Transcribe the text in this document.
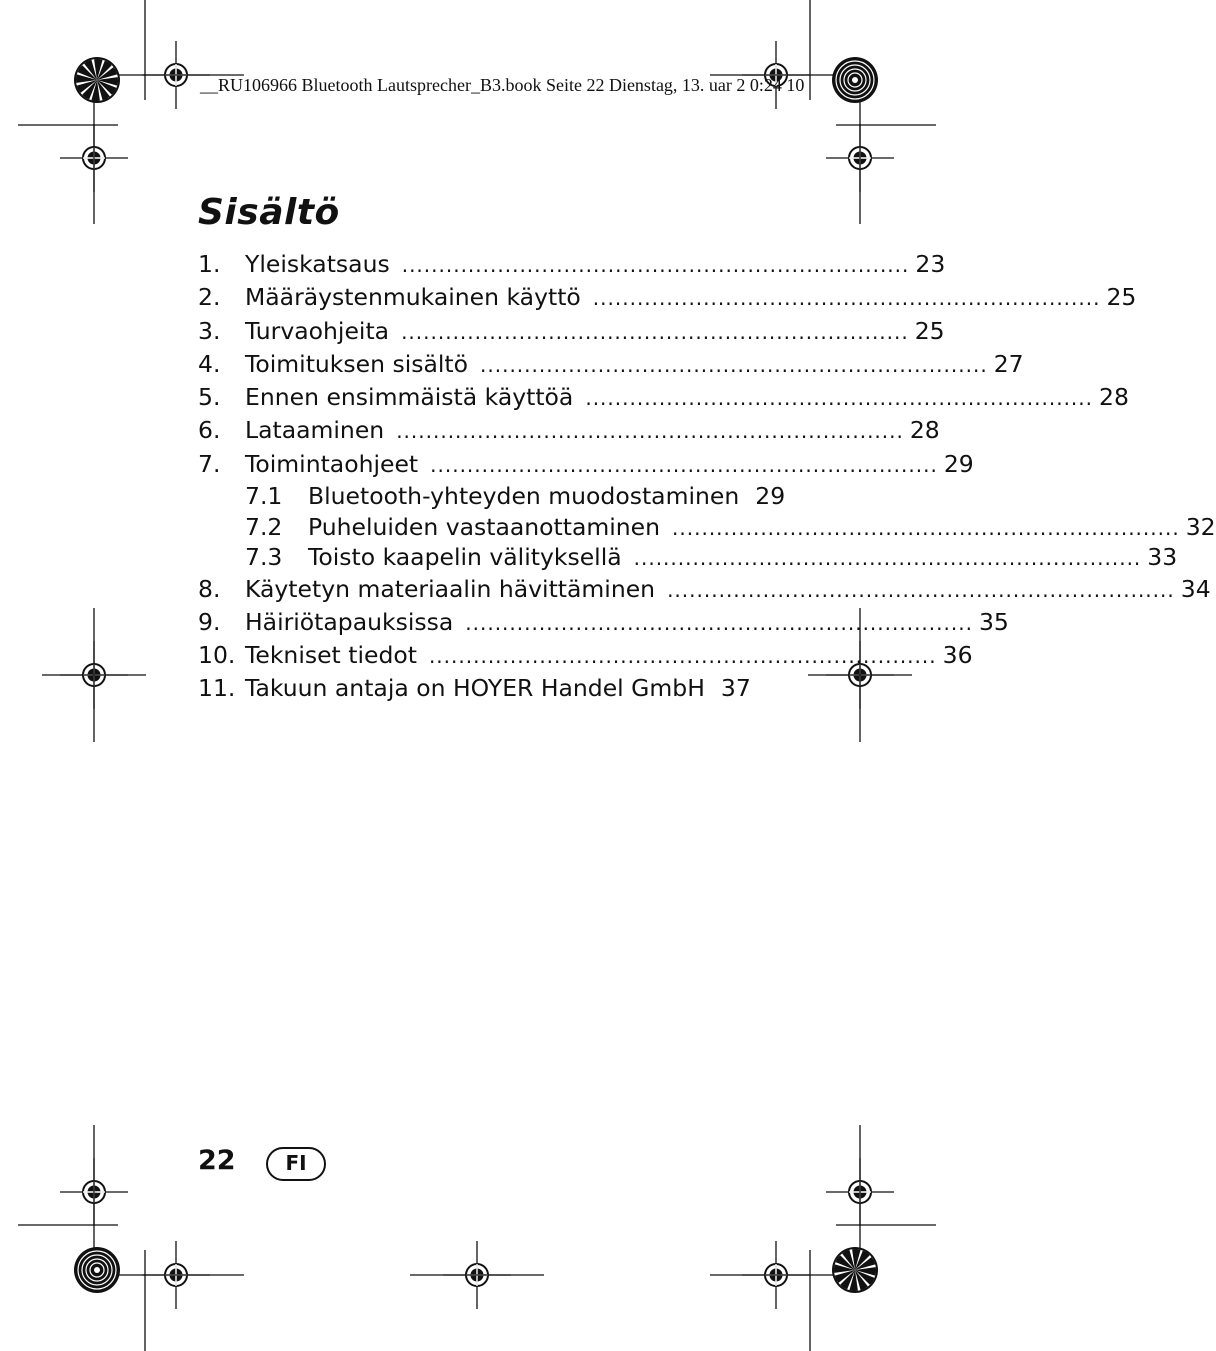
__RU106966 Bluetooth Lautsprecher_B3.book Seite 22 Dienstag, 13. uar 2 0:24 10
Sisältö
1.	Yleiskatsaus ..................................................................... 23
2.	Määräystenmukainen käyttö ..................................................................... 25
3.	Turvaohjeita ..................................................................... 25
4.	Toimituksen sisältö ..................................................................... 27
5.	Ennen ensimmäistä käyttöä ..................................................................... 28
6.	Lataaminen ..................................................................... 28
7.	Toimintaohjeet ..................................................................... 29
7.1	Bluetooth-yhteyden muodostaminen 29
7.2	Puheluiden vastaanottaminen ..................................................................... 32
7.3	Toisto kaapelin välityksellä ..................................................................... 33
8.	Käytetyn materiaalin hävittäminen ..................................................................... 34
9.	Häiriötapauksissa ..................................................................... 35
10. Tekniset tiedot ..................................................................... 36
11. Takuun antaja on HOYER Handel GmbH 37
22	FI
